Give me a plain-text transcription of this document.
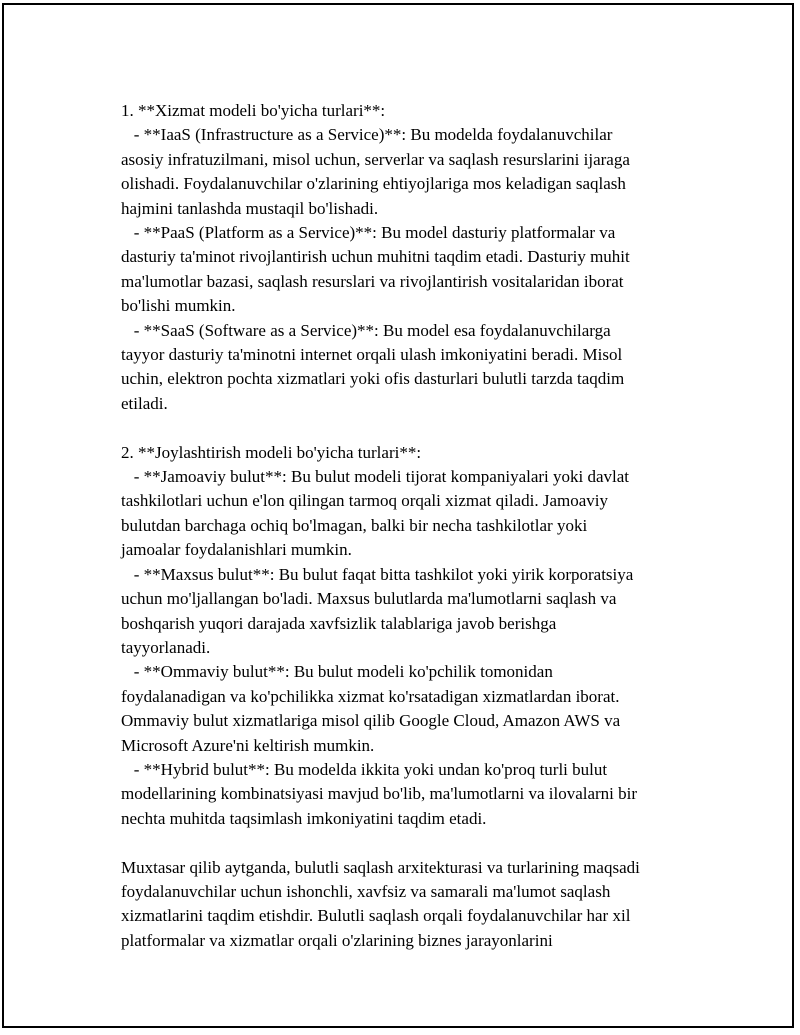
1. **Xizmat modeli bo'yicha turlari**:
- **IaaS (Infrastructure as a Service)**: Bu modelda foydalanuvchilar
asosiy infratuzilmani, misol uchun, serverlar va saqlash resurslarini ijaraga
olishadi. Foydalanuvchilar o'zlarining ehtiyojlariga mos keladigan saqlash
hajmini tanlashda mustaqil bo'lishadi.
- **PaaS (Platform as a Service)**: Bu model dasturiy platformalar va
dasturiy ta'minot rivojlantirish uchun muhitni taqdim etadi. Dasturiy muhit
ma'lumotlar bazasi, saqlash resurslari va rivojlantirish vositalaridan iborat
bo'lishi mumkin.
- **SaaS (Software as a Service)**: Bu model esa foydalanuvchilarga
tayyor dasturiy ta'minotni internet orqali ulash imkoniyatini beradi. Misol
uchin, elektron pochta xizmatlari yoki ofis dasturlari bulutli tarzda taqdim
etiladi.
2. **Joylashtirish modeli bo'yicha turlari**:
- **Jamoaviy bulut**: Bu bulut modeli tijorat kompaniyalari yoki davlat
tashkilotlari uchun e'lon qilingan tarmoq orqali xizmat qiladi. Jamoaviy
bulutdan barchaga ochiq bo'lmagan, balki bir necha tashkilotlar yoki
jamoalar foydalanishlari mumkin.
- **Maxsus bulut**: Bu bulut faqat bitta tashkilot yoki yirik korporatsiya
uchun mo'ljallangan bo'ladi. Maxsus bulutlarda ma'lumotlarni saqlash va
boshqarish yuqori darajada xavfsizlik talablariga javob berishga
tayyorlanadi.
- **Ommaviy bulut**: Bu bulut modeli ko'pchilik tomonidan
foydalanadigan va ko'pchilikka xizmat ko'rsatadigan xizmatlardan iborat.
Ommaviy bulut xizmatlariga misol qilib Google Cloud, Amazon AWS va
Microsoft Azure'ni keltirish mumkin.
- **Hybrid bulut**: Bu modelda ikkita yoki undan ko'proq turli bulut
modellarining kombinatsiyasi mavjud bo'lib, ma'lumotlarni va ilovalarni bir
nechta muhitda taqsimlash imkoniyatini taqdim etadi.
Muxtasar qilib aytganda, bulutli saqlash arxitekturasi va turlarining maqsadi
foydalanuvchilar uchun ishonchli, xavfsiz va samarali ma'lumot saqlash
xizmatlarini taqdim etishdir. Bulutli saqlash orqali foydalanuvchilar har xil
platformalar va xizmatlar orqali o'zlarining biznes jarayonlarini
